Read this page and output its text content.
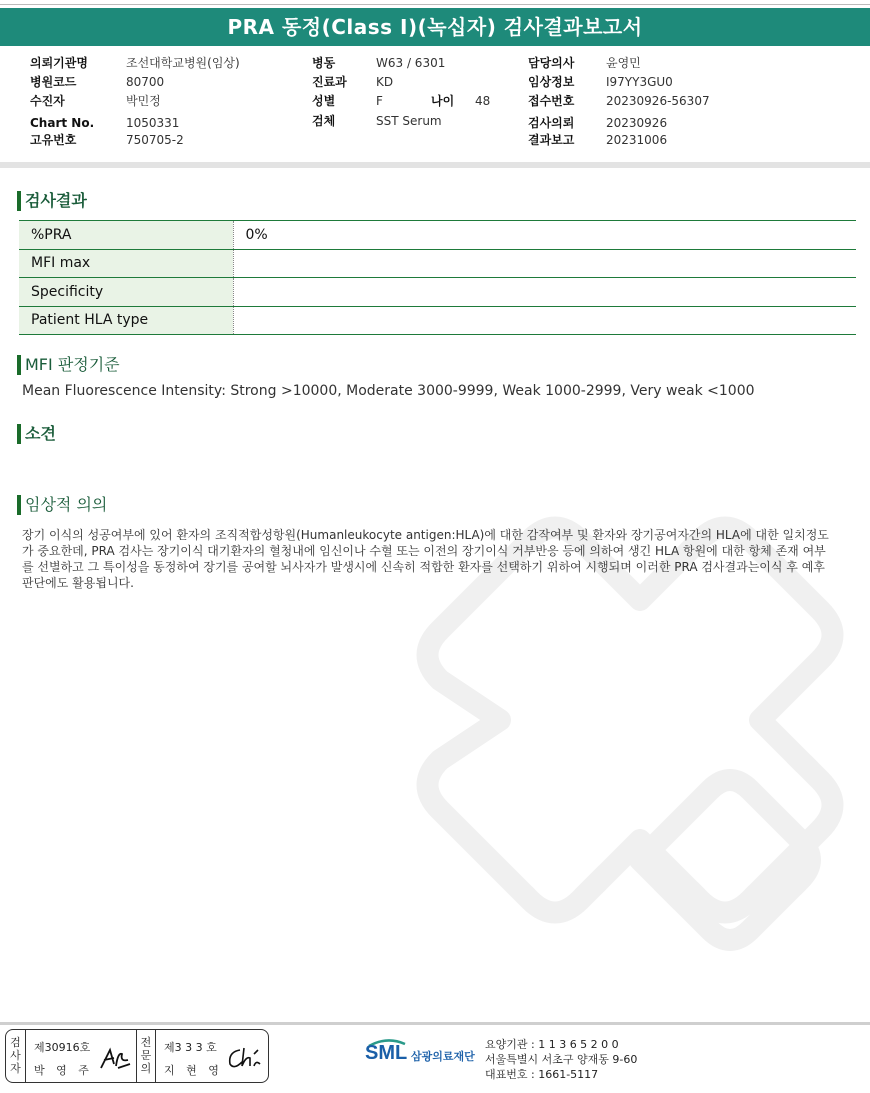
PRA 동정(Class I)(녹십자) 검사결과보고서
의뢰기관명	조선대학교병원(임상)
병원코드	80700
수진자	박민정
Chart No.	1050331
고유번호	750705-2
병동	W63 / 6301
진료과 KD
성별	F	나이 48
검체	SST Serum
담당의사	윤영민
임상정보	I97YY3GU0
접수번호	20230926-56307
검사의뢰	20230926
결과보고	20231006
검사결과
%PRA	0%
MFI max	
Specificity	
Patient HLA type	
MFI 판정기준
Mean Fluorescence Intensity: Strong >10000, Moderate 3000-9999, Weak 1000-2999, Very weak <1000
소견
임상적 의의
장기 이식의 성공여부에 있어 환자의 조직적합성항원(Humanleukocyte antigen:HLA)에 대한 감작여부 및 환자와 장기공여자간의 HLA에 대한 일치정도가 중요한데, PRA 검사는 장기이식 대기환자의 혈청내에 임신이나 수혈 또는 이전의 장기이식 거부반응 등에 의하여 생긴 HLA 항원에 대한 항체 존재 여부를 선별하고 그 특이성을 동정하여 장기를 공여할 뇌사자가 발생시에 신속히 적합한 환자를 선택하기 위하여 시행되며 이러한 PRA 검사결과는이식 후 예후 판단에도 활용됩니다.
검사자
제30916호
박 영 주
전문의
제3 3 3 호
지 현 영
SML 삼광의료재단
요양기관 : 1 1 3 6 5 2 0 0
서울특별시 서초구 양재동 9-60
대표번호 : 1661-5117
